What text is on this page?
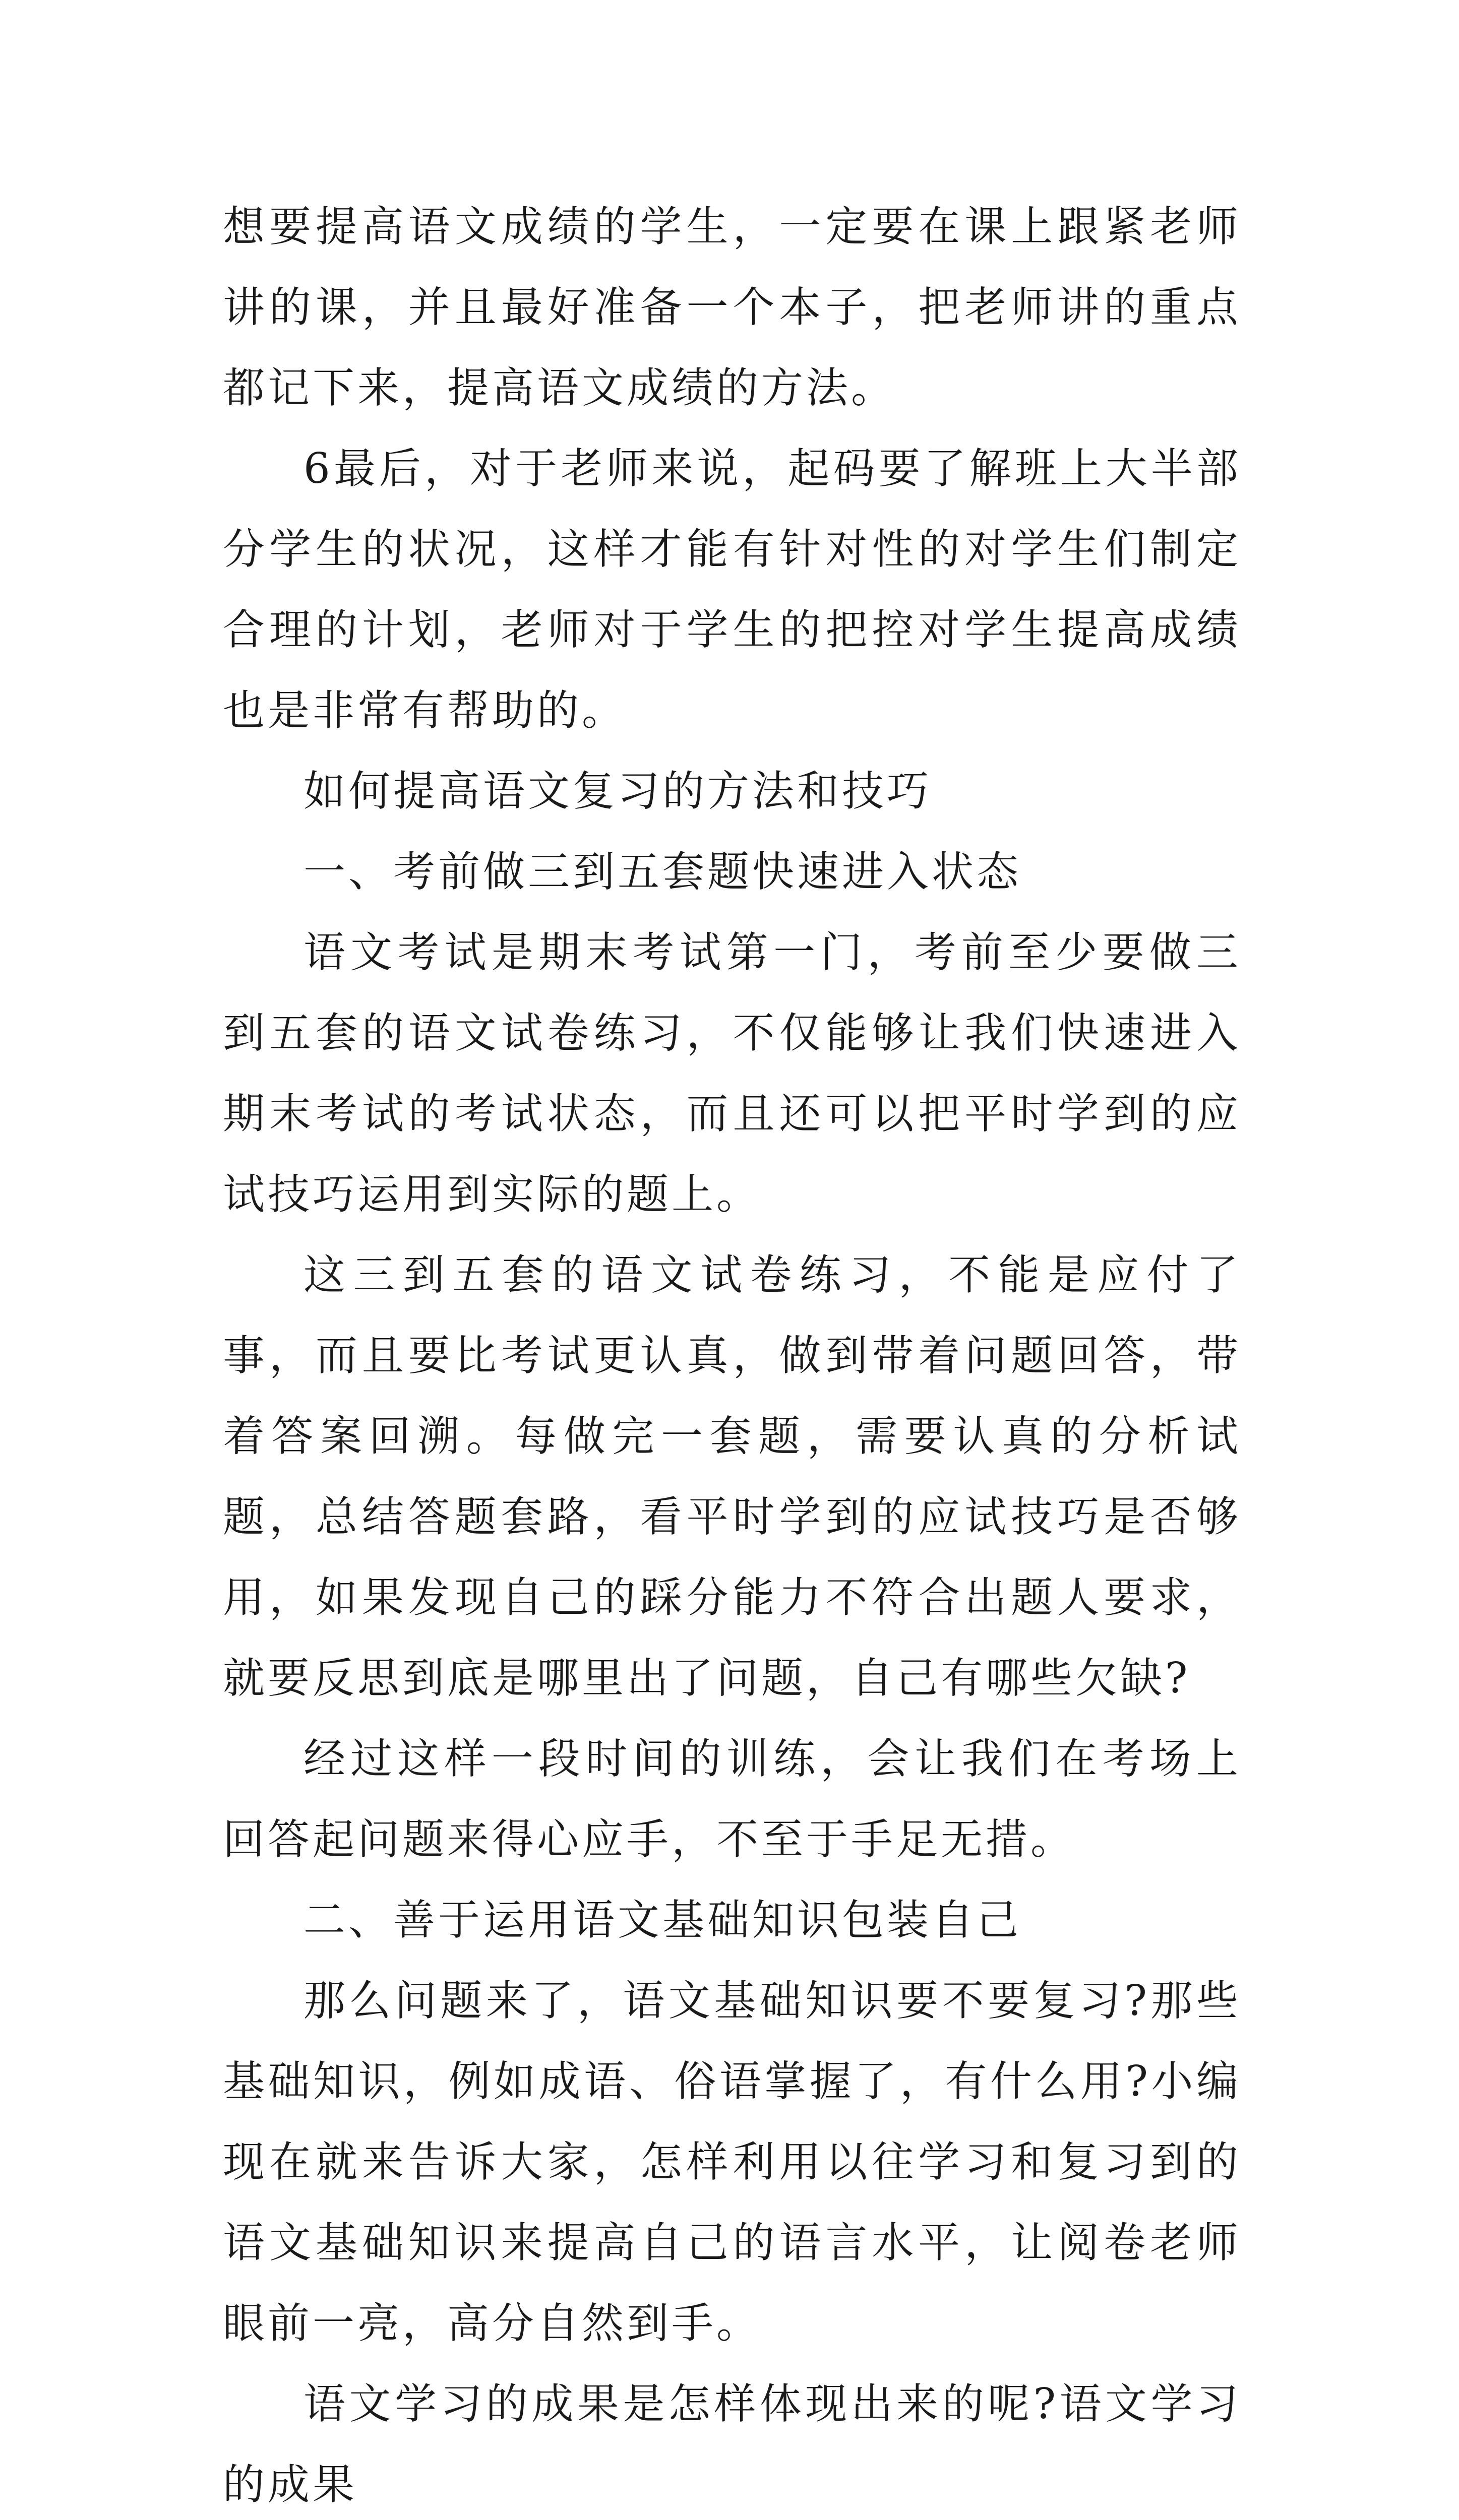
想要提高语文成绩的学生，一定要在课上跟紧老师讲的课，并且最好准备一个本子，把老师讲的重点都记下来，提高语文成绩的方法。

6最后，对于老师来说，起码要了解班上大半部分学生的状况，这样才能有针对性的对学生们制定合理的计划，老师对于学生的把控对学生提高成绩也是非常有帮助的。

如何提高语文复习的方法和技巧

一、考前做三到五套题快速进入状态

语文考试是期末考试第一门，考前至少要做三到五套的语文试卷练习，不仅能够让我们快速进入期末考试的考试状态，而且还可以把平时学到的应试技巧运用到实际的题上。

这三到五套的语文试卷练习，不能是应付了事，而且要比考试更认真，做到带着问题回答，带着答案回溯。每做完一套题，需要认真的分析试题，总结答题套路，看平时学到的应试技巧是否够用，如果发现自己的踩分能力不符合出题人要求，就要反思到底是哪里出了问题，自己有哪些欠缺?

经过这样一段时间的训练，会让我们在考场上回答起问题来得心应手，不至于手足无措。

二、善于运用语文基础知识包装自己

那么问题来了，语文基础知识要不要复习?那些基础知识，例如成语、俗语掌握了，有什么用?小编现在就来告诉大家，怎样利用以往学习和复习到的语文基础知识来提高自己的语言水平，让阅卷老师眼前一亮，高分自然到手。

语文学习的成果是怎样体现出来的呢?语文学习的成果
